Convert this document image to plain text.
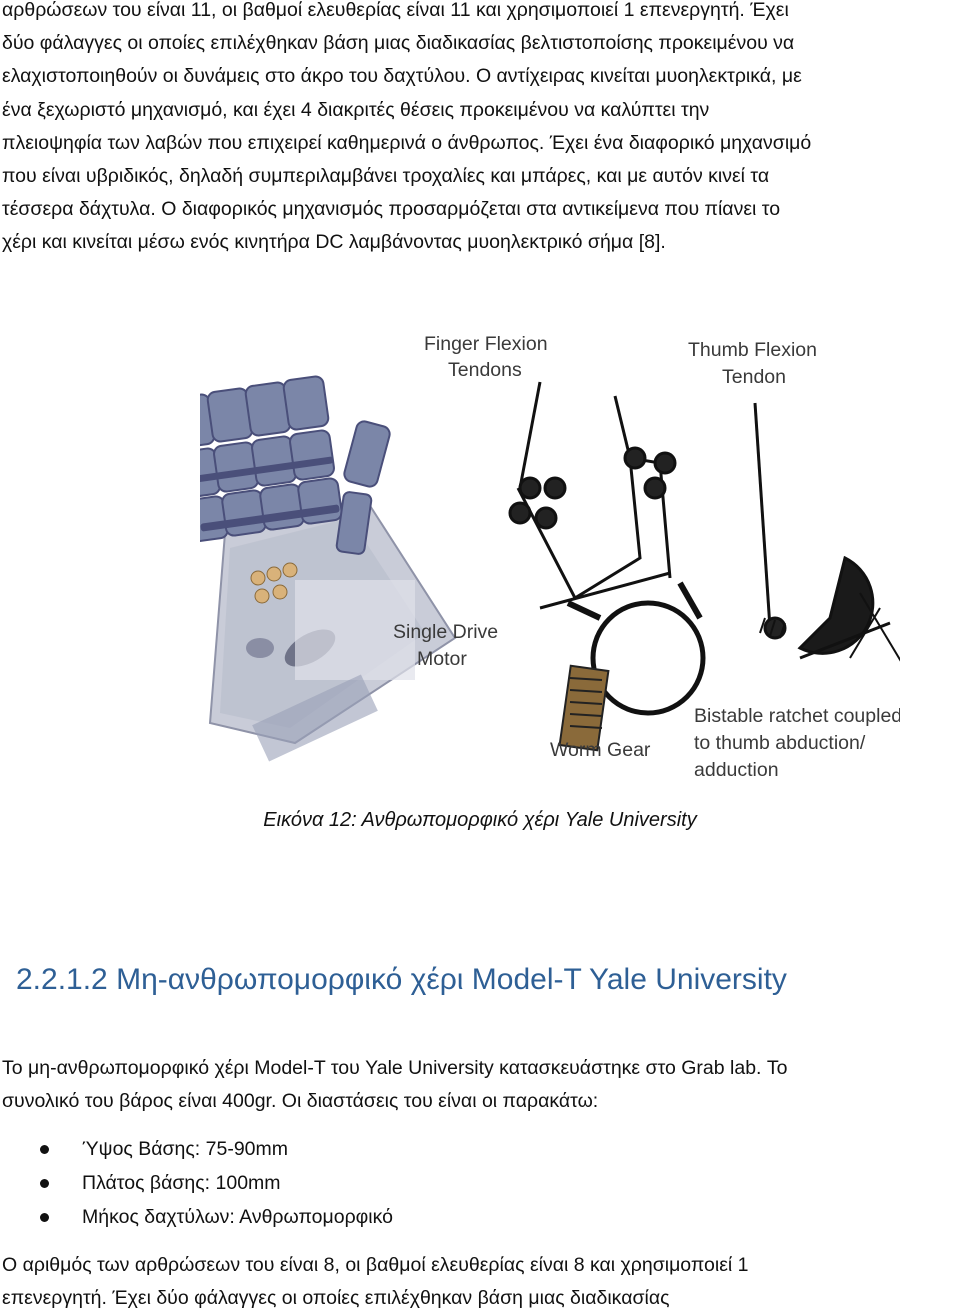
αρθρώσεων του είναι 11, οι βαθμοί ελευθερίας είναι 11 και χρησιμοποιεί 1 επενεργητή. Έχει
δύο φάλαγγες οι οποίες επιλέχθηκαν βάση μιας διαδικασίας βελτιστοποίσης προκειμένου να
ελαχιστοποιηθούν οι δυνάμεις στο άκρο του δαχτύλου. Ο αντίχειρας κινείται μυοηλεκτρικά, με
ένα ξεχωριστό μηχανισμό, και έχει 4 διακριτές θέσεις προκειμένου να καλύπτει την
πλειοψηφία των λαβών που επιχειρεί καθημερινά ο άνθρωπος. Έχει ένα διαφορικό μηχανσιμό
που είναι υβριδικός, δηλαδή συμπεριλαμβάνει τροχαλίες και μπάρες, και με αυτόν κινεί τα
τέσσερα δάχτυλα. Ο διαφορικός μηχανισμός προσαρμόζεται στα αντικείμενα που πίανει το
χέρι και κινείται μέσω ενός κινητήρα DC λαμβάνοντας μυοηλεκτρικό σήμα [8].
Finger Flexion
Tendons
Thumb Flexion
Tendon
Single Drive
Motor
Worm Gear
Bistable ratchet coupled
to thumb abduction/
adduction
Εικόνα 12: Ανθρωπομορφικό χέρι Yale University
2.2.1.2 Μη-ανθρωπομορφικό χέρι Model-T Yale University
Το μη-ανθρωπομορφικό χέρι Model-T του Yale University κατασκευάστηκε στο Grab lab. Το
συνολικό του βάρος είναι 400gr. Οι διαστάσεις του είναι οι παρακάτω:
Ύψος Βάσης: 75-90mm
Πλάτος βάσης: 100mm
Μήκος δαχτύλων: Ανθρωπομορφικό
Ο αριθμός των αρθρώσεων του είναι 8, οι βαθμοί ελευθερίας είναι 8 και χρησιμοποιεί 1
επενεργητή. Έχει δύο φάλαγγες οι οποίες επιλέχθηκαν βάση μιας διαδικασίας
